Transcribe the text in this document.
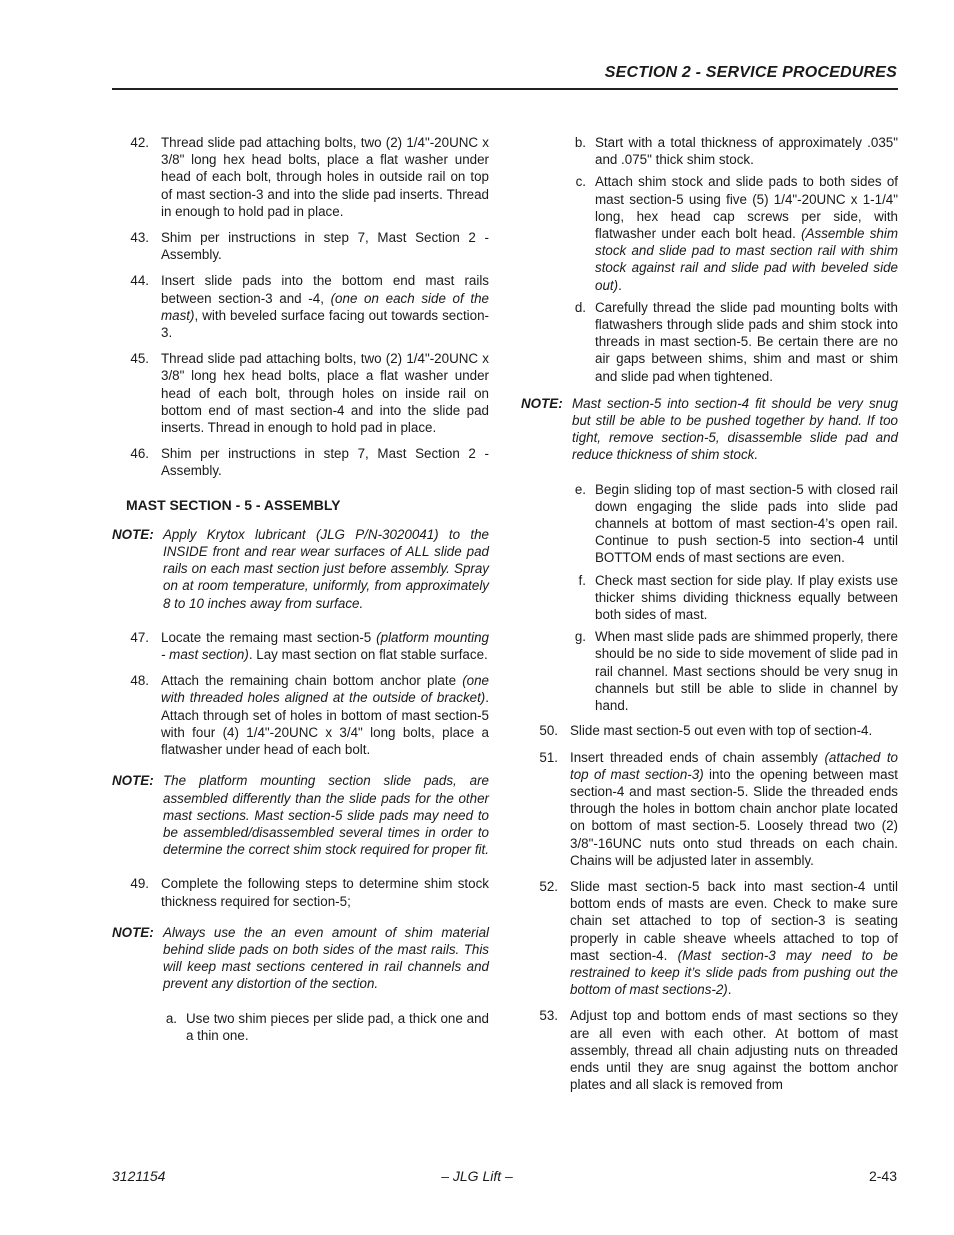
SECTION 2 - SERVICE PROCEDURES
42. Thread slide pad attaching bolts, two (2) 1/4"-20UNC x 3/8" long hex head bolts, place a flat washer under head of each bolt, through holes in outside rail on top of mast section-3 and into the slide pad inserts. Thread in enough to hold pad in place.
43. Shim per instructions in step 7, Mast Section 2 - Assembly.
44. Insert slide pads into the bottom end mast rails between section-3 and -4, (one on each side of the mast), with beveled surface facing out towards section-3.
45. Thread slide pad attaching bolts, two (2) 1/4"-20UNC x 3/8" long hex head bolts, place a flat washer under head of each bolt, through holes on inside rail on bottom end of mast section-4 and into the slide pad inserts. Thread in enough to hold pad in place.
46. Shim per instructions in step 7, Mast Section 2 - Assembly.
MAST SECTION - 5 - ASSEMBLY
NOTE: Apply Krytox lubricant (JLG P/N-3020041) to the INSIDE front and rear wear surfaces of ALL slide pad rails on each mast section just before assembly. Spray on at room temperature, uniformly, from approximately 8 to 10 inches away from surface.
47. Locate the remaing mast section-5 (platform mounting - mast section). Lay mast section on flat stable surface.
48. Attach the remaining chain bottom anchor plate (one with threaded holes aligned at the outside of bracket). Attach through set of holes in bottom of mast section-5 with four (4) 1/4"-20UNC x 3/4" long bolts, place a flatwasher under head of each bolt.
NOTE: The platform mounting section slide pads, are assembled differently than the slide pads for the other mast sections. Mast section-5 slide pads may need to be assembled/disassembled several times in order to determine the correct shim stock required for proper fit.
49. Complete the following steps to determine shim stock thickness required for section-5;
NOTE: Always use the an even amount of shim material behind slide pads on both sides of the mast rails. This will keep mast sections centered in rail channels and prevent any distortion of the section.
a. Use two shim pieces per slide pad, a thick one and a thin one.
b. Start with a total thickness of approximately .035" and .075" thick shim stock.
c. Attach shim stock and slide pads to both sides of mast section-5 using five (5) 1/4"-20UNC x 1-1/4" long, hex head cap screws per side, with flatwasher under each bolt head. (Assemble shim stock and slide pad to mast section rail with shim stock against rail and slide pad with beveled side out).
d. Carefully thread the slide pad mounting bolts with flatwashers through slide pads and shim stock into threads in mast section-5. Be certain there are no air gaps between shims, shim and mast or shim and slide pad when tightened.
NOTE: Mast section-5 into section-4 fit should be very snug but still be able to be pushed together by hand. If too tight, remove section-5, disassemble slide pad and reduce thickness of shim stock.
e. Begin sliding top of mast section-5 with closed rail down engaging the slide pads into slide pad channels at bottom of mast section-4’s open rail. Continue to push section-5 into section-4 until BOTTOM ends of mast sections are even.
f. Check mast section for side play. If play exists use thicker shims dividing thickness equally between both sides of mast.
g. When mast slide pads are shimmed properly, there should be no side to side movement of slide pad in rail channel. Mast sections should be very snug in channels but still be able to slide in channel by hand.
50. Slide mast section-5 out even with top of section-4.
51. Insert threaded ends of chain assembly (attached to top of mast section-3) into the opening between mast section-4 and mast section-5. Slide the threaded ends through the holes in bottom chain anchor plate located on bottom of mast section-5. Loosely thread two (2) 3/8"-16UNC nuts onto stud threads on each chain. Chains will be adjusted later in assembly.
52. Slide mast section-5 back into mast section-4 until bottom ends of masts are even. Check to make sure chain set attached to top of section-3 is seating properly in cable sheave wheels attached to top of mast section-4. (Mast section-3 may need to be restrained to keep it’s slide pads from pushing out the bottom of mast sections-2).
53. Adjust top and bottom ends of mast sections so they are all even with each other. At bottom of mast assembly, thread all chain adjusting nuts on threaded ends until they are snug against the bottom anchor plates and all slack is removed from
3121154	– JLG Lift –	2-43
